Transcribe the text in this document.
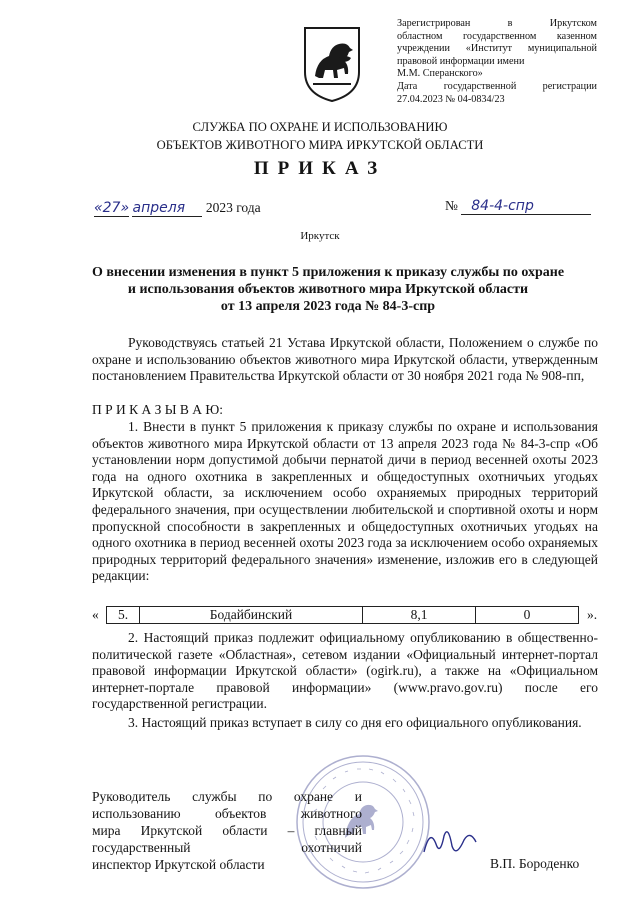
Зарегистрирован в Иркутском
областном государственном казенном
учреждении «Институт муниципальной
правовой информации имени
М.М. Сперанского»
Дата государственной регистрации
27.04.2023 № 04-0834/23
СЛУЖБА ПО ОХРАНЕ И ИСПОЛЬЗОВАНИЮ
ОБЪЕКТОВ ЖИВОТНОГО МИРА ИРКУТСКОЙ ОБЛАСТИ
ПРИКАЗ
«27» апреля 2023 года	№ 84-4-спр
Иркутск
О внесении изменения в пункт 5 приложения к приказу службы по охране
и использования объектов животного мира Иркутской области
от 13 апреля 2023 года № 84-3-спр
Руководствуясь статьей 21 Устава Иркутской области, Положением о службе по охране и использованию объектов животного мира Иркутской области, утвержденным постановлением Правительства Иркутской области от 30 ноября 2021 года № 908-пп,
П Р И К А З Ы В А Ю:
1. Внести в пункт 5 приложения к приказу службы по охране и использования объектов животного мира Иркутской области от 13 апреля 2023 года № 84-3-спр «Об установлении норм допустимой добычи пернатой дичи в период весенней охоты 2023 года на одного охотника в закрепленных и общедоступных охотничьих угодьях Иркутской области, за исключением особо охраняемых природных территорий федерального значения, при осуществлении любительской и спортивной охоты и норм пропускной способности в закрепленных и общедоступных охотничьих угодьях на одного охотника в период весенней охоты 2023 года за исключением особо охраняемых природных территорий федерального значения» изменение, изложив его в следующей редакции:
«	5.	Бодайбинский	8,1	0	».
2. Настоящий приказ подлежит официальному опубликованию в общественно-политической газете «Областная», сетевом издании «Официальный интернет-портал правовой информации Иркутской области» (ogirk.ru), а также на «Официальном интернет-портале правовой информации» (www.pravo.gov.ru) после его государственной регистрации.
3. Настоящий приказ вступает в силу со дня его официального опубликования.
Руководитель службы по охране и
использованию объектов животного
мира Иркутской области – главный
государственный охотничий
инспектор Иркутской области	В.П. Бороденко
